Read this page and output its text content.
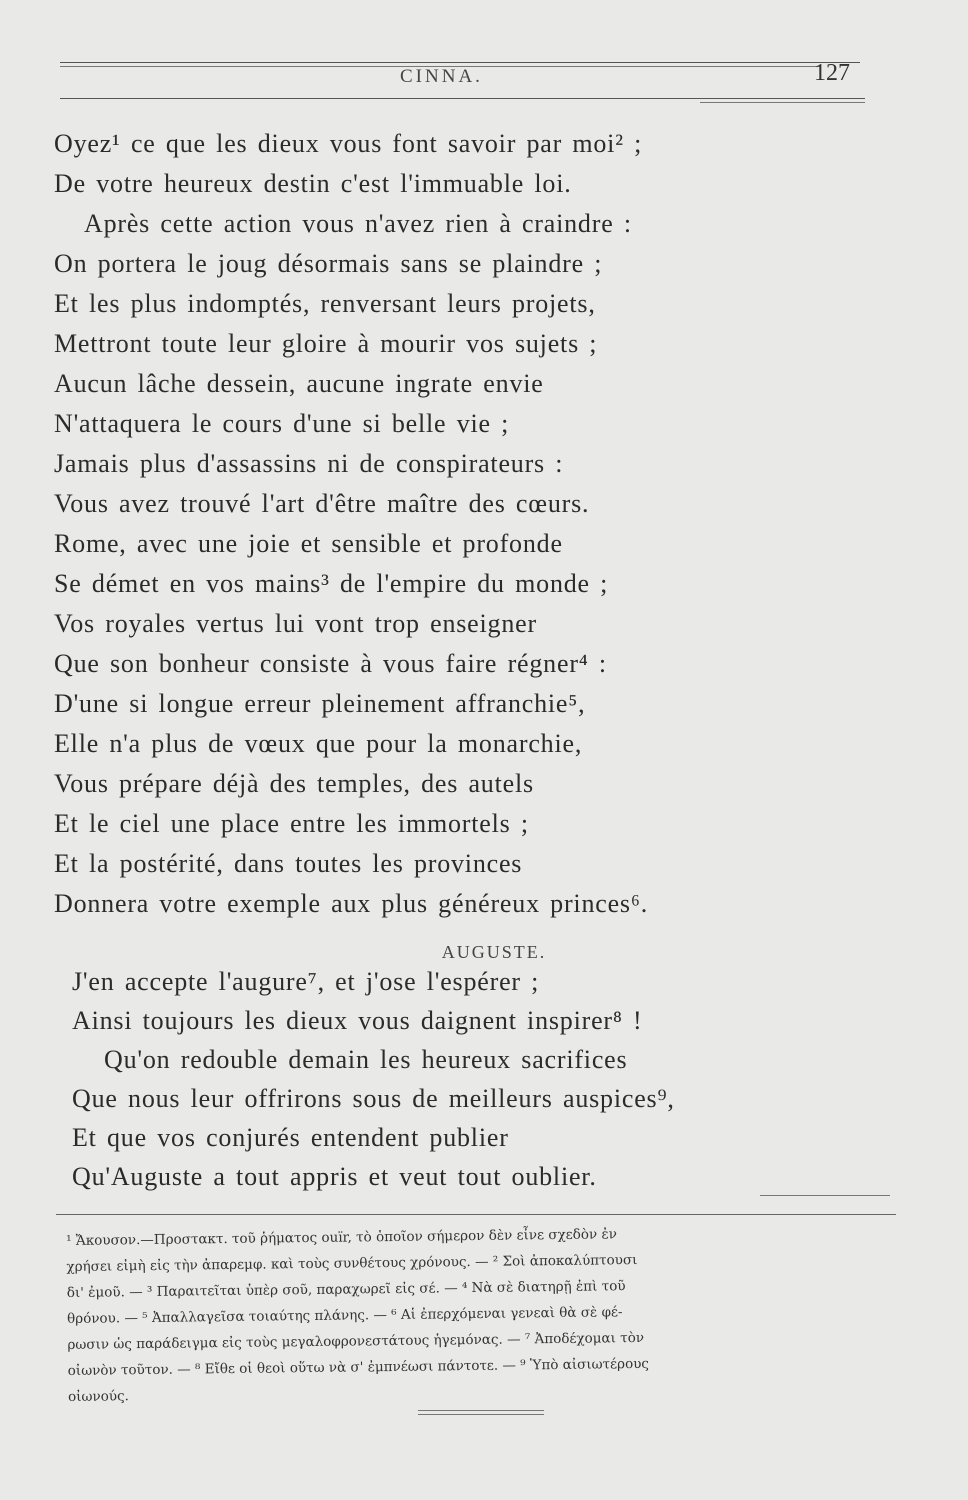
CINNA.	127
Oyez¹ ce que les dieux vous font savoir par moi² ;
De votre heureux destin c'est l'immuable loi.
Après cette action vous n'avez rien à craindre :
On portera le joug désormais sans se plaindre ;
Et les plus indomptés, renversant leurs projets,
Mettront toute leur gloire à mourir vos sujets ;
Aucun lâche dessein, aucune ingrate envie
N'attaquera le cours d'une si belle vie ;
Jamais plus d'assassins ni de conspirateurs :
Vous avez trouvé l'art d'être maître des cœurs.
Rome, avec une joie et sensible et profonde
Se démet en vos mains³ de l'empire du monde ;
Vos royales vertus lui vont trop enseigner
Que son bonheur consiste à vous faire régner⁴ :
D'une si longue erreur pleinement affranchie⁵,
Elle n'a plus de vœux que pour la monarchie,
Vous prépare déjà des temples, des autels
Et le ciel une place entre les immortels ;
Et la postérité, dans toutes les provinces
Donnera votre exemple aux plus généreux princes⁶.
AUGUSTE.
J'en accepte l'augure⁷, et j'ose l'espérer ;
Ainsi toujours les dieux vous daignent inspirer⁸ !
Qu'on redouble demain les heureux sacrifices
Que nous leur offrirons sous de meilleurs auspices⁹,
Et que vos conjurés entendent publier
Qu'Auguste a tout appris et veut tout oublier.
¹ Ἄκουσον.—Προστακτ. τοῦ ῥήματος ouïr, τὸ ὁποῖον σήμερον δὲν εἶνε σχεδὸν ἐν
χρήσει εἰμὴ εἰς τὴν ἀπαρεμφ. καὶ τοὺς συνθέτους χρόνους. — ² Σοὶ ἀποκαλύπτουσι
δι' ἐμοῦ. — ³ Παραιτεῖται ὑπὲρ σοῦ, παραχωρεῖ εἰς σέ. — ⁴ Νὰ σὲ διατηρῇ ἐπὶ τοῦ
θρόνου. — ⁵ Ἀπαλλαγεῖσα τοιαύτης πλάνης. — ⁶ Αἱ ἐπερχόμεναι γενεαὶ θὰ σὲ φέ-
ρωσιν ὡς παράδειγμα εἰς τοὺς μεγαλοφρονεστάτους ἡγεμόνας. — ⁷ Ἀποδέχομαι τὸν
οἰωνὸν τοῦτον. — ⁸ Εἴθε οἱ θεοὶ οὕτω νὰ σ' ἐμπνέωσι πάντοτε. — ⁹ Ὑπὸ αἰσιωτέρους
οἰωνούς.
